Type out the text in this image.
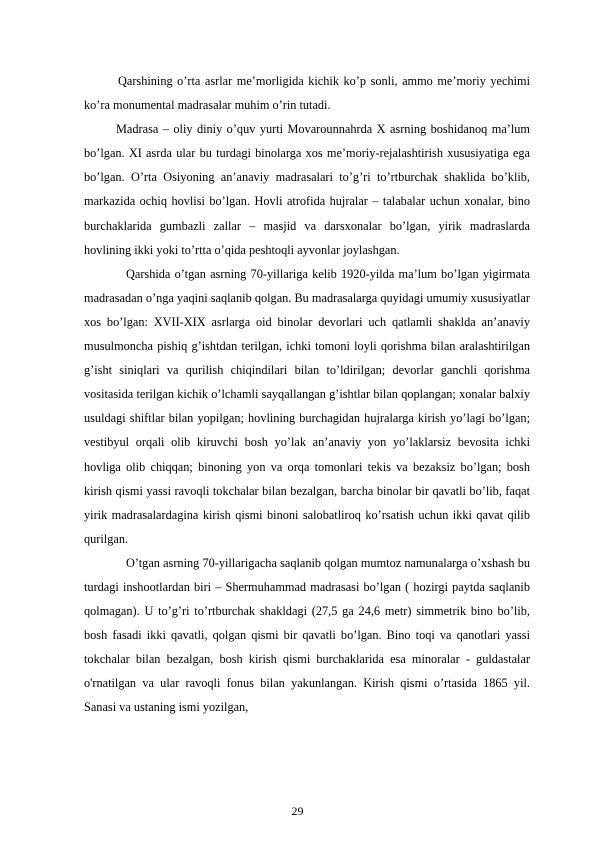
Qarshining o’rta asrlar me’morligida kichik ko’p sonli, ammo me’moriy yechimi ko’ra monumental madrasalar muhim o’rin tutadi.

Madrasa – oliy diniy o’quv yurti Movarounnahrda X asrning boshidanoq ma’lum bo’lgan. XI asrda ular bu turdagi binolarga xos me’moriy-rejalashtirish xususiyatiga ega bo’lgan. O’rta Osiyoning an’anaviy madrasalari to’g’ri to’rtburchak shaklida bo’klib, markazida ochiq hovlisi bo’lgan. Hovli atrofida hujralar – talabalar uchun xonalar, bino burchaklarida gumbazli zallar – masjid va darsxonalar bo’lgan, yirik madraslarda hovlining ikki yoki to’rtta o’qida peshtoqli ayvonlar joylashgan.

Qarshida o’tgan asrning 70-yillariga kelib 1920-yilda ma’lum bo’lgan yigirmata madrasadan o’nga yaqini saqlanib qolgan. Bu madrasalarga quyidagi umumiy xususiyatlar xos bo’lgan: XVII-XIX asrlarga oid binolar devorlari uch qatlamli shaklda an’anaviy musulmoncha pishiq g’ishtdan terilgan, ichki tomoni loyli qorishma bilan aralashtirilgan g’isht siniqlari va qurilish chiqindilari bilan to’ldirilgan; devorlar ganchli qorishma vositasida terilgan kichik o’lchamli sayqallangan g’ishtlar bilan qoplangan; xonalar balxiy usuldagi shiftlar bilan yopilgan; hovlining burchagidan hujralarga kirish yo’lagi bo’lgan; vestibyul orqali olib kiruvchi bosh yo’lak an’anaviy yon yo’laklarsiz bevosita ichki hovliga olib chiqqan; binoning yon va orqa tomonlari tekis va bezaksiz bo’lgan; bosh kirish qismi yassi ravoqli tokchalar bilan bezalgan, barcha binolar bir qavatli bo’lib, faqat yirik madrasalardagina kirish qismi binoni salobatliroq ko’rsatish uchun ikki qavat qilib qurilgan.

O’tgan asrning 70-yillarigacha saqlanib qolgan mumtoz namunalarga o’xshash bu turdagi inshootlardan biri – Shermuhammad madrasasi bo’lgan ( hozirgi paytda saqlanib qolmagan). U to’g’ri to’rtburchak shakldagi (27,5 ga 24,6 metr) simmetrik bino bo’lib, bosh fasadi ikki qavatli, qolgan qismi bir qavatli bo’lgan. Bino toqi va qanotlari yassi tokchalar bilan bezalgan, bosh kirish qismi burchaklarida esa minoralar - guldastalar o'rnatilgan va ular ravoqli fonus bilan yakunlangan. Kirish qismi o’rtasida 1865 yil. Sanasi va ustaning ismi yozilgan,

29
